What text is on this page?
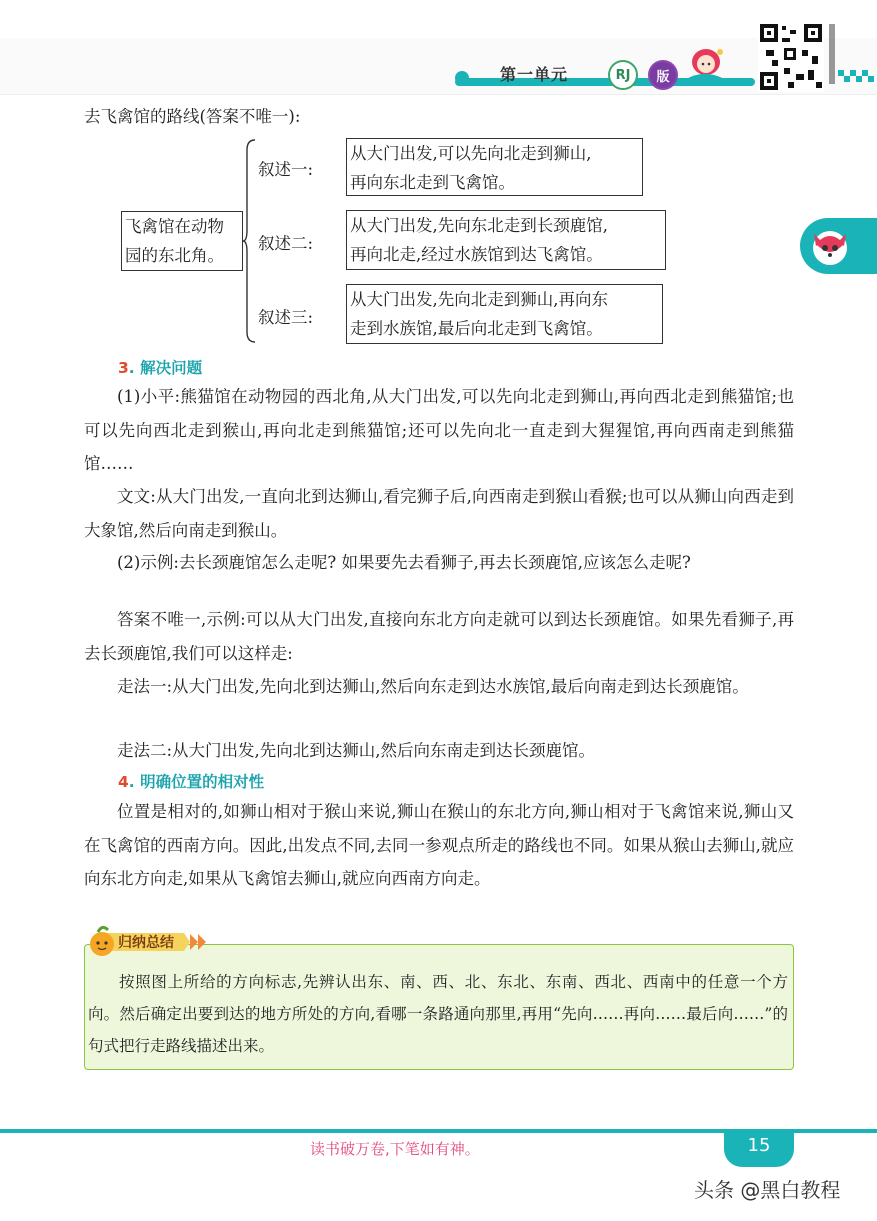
第一单元	RJ	版
去飞禽馆的路线(答案不唯一):
飞禽馆在动物
园的东北角。
叙述一:
从大门出发,可以先向北走到狮山,
再向东北走到飞禽馆。
叙述二:
从大门出发,先向东北走到长颈鹿馆,
再向北走,经过水族馆到达飞禽馆。
叙述三:
从大门出发,先向北走到狮山,再向东
走到水族馆,最后向北走到飞禽馆。
3. 解决问题
(1)小平:熊猫馆在动物园的西北角,从大门出发,可以先向北走到狮山,再向西北走到熊猫馆;也可以先向西北走到猴山,再向北走到熊猫馆;还可以先向北一直走到大猩猩馆,再向西南走到熊猫馆……
文文:从大门出发,一直向北到达狮山,看完狮子后,向西南走到猴山看猴;也可以从狮山向西走到大象馆,然后向南走到猴山。
(2)示例:去长颈鹿馆怎么走呢? 如果要先去看狮子,再去长颈鹿馆,应该怎么走呢?
答案不唯一,示例:可以从大门出发,直接向东北方向走就可以到达长颈鹿馆。如果先看狮子,再去长颈鹿馆,我们可以这样走:
走法一:从大门出发,先向北到达狮山,然后向东走到达水族馆,最后向南走到达长颈鹿馆。
走法二:从大门出发,先向北到达狮山,然后向东南走到达长颈鹿馆。
4. 明确位置的相对性
位置是相对的,如狮山相对于猴山来说,狮山在猴山的东北方向,狮山相对于飞禽馆来说,狮山又在飞禽馆的西南方向。因此,出发点不同,去同一参观点所走的路线也不同。如果从猴山去狮山,就应向东北方向走,如果从飞禽馆去狮山,就应向西南方向走。
归纳总结
按照图上所给的方向标志,先辨认出东、南、西、北、东北、东南、西北、西南中的任意一个方向。然后确定出要到达的地方所处的方向,看哪一条路通向那里,再用“先向……再向……最后向……”的句式把行走路线描述出来。
读书破万卷,下笔如有神。	15
头条 @黑白教程
